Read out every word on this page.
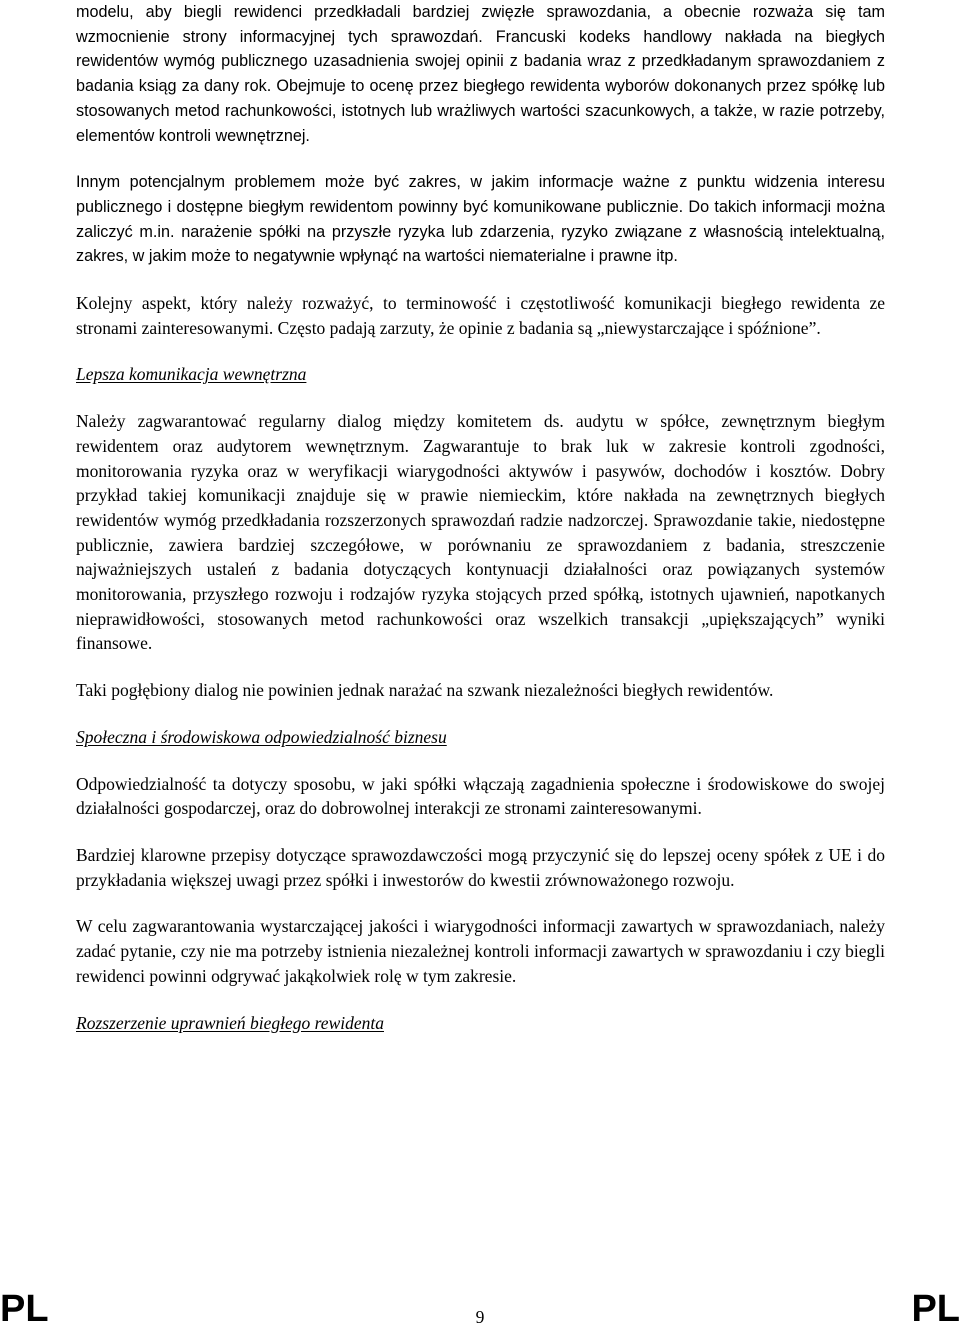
modelu, aby biegli rewidenci przedkładali bardziej zwięzłe sprawozdania, a obecnie rozważa się tam wzmocnienie strony informacyjnej tych sprawozdań. Francuski kodeks handlowy nakłada na biegłych rewidentów wymóg publicznego uzasadnienia swojej opinii z badania wraz z przedkładanym sprawozdaniem z badania ksiąg za dany rok. Obejmuje to ocenę przez biegłego rewidenta wyborów dokonanych przez spółkę lub stosowanych metod rachunkowości, istotnych lub wrażliwych wartości szacunkowych, a także, w razie potrzeby, elementów kontroli wewnętrznej.

Innym potencjalnym problemem może być zakres, w jakim informacje ważne z punktu widzenia interesu publicznego i dostępne biegłym rewidentom powinny być komunikowane publicznie. Do takich informacji można zaliczyć m.in. narażenie spółki na przyszłe ryzyka lub zdarzenia, ryzyko związane z własnością intelektualną, zakres, w jakim może to negatywnie wpłynąć na wartości niematerialne i prawne itp.

Kolejny aspekt, który należy rozważyć, to terminowość i częstotliwość komunikacji biegłego rewidenta ze stronami zainteresowanymi. Często padają zarzuty, że opinie z badania są „niewystarczające i spóźnione”.

Lepsza komunikacja wewnętrzna

Należy zagwarantować regularny dialog między komitetem ds. audytu w spółce, zewnętrznym biegłym rewidentem oraz audytorem wewnętrznym. Zagwarantuje to brak luk w zakresie kontroli zgodności, monitorowania ryzyka oraz w weryfikacji wiarygodności aktywów i pasywów, dochodów i kosztów. Dobry przykład takiej komunikacji znajduje się w prawie niemieckim, które nakłada na zewnętrznych biegłych rewidentów wymóg przedkładania rozszerzonych sprawozdań radzie nadzorczej. Sprawozdanie takie, niedostępne publicznie, zawiera bardziej szczegółowe, w porównaniu ze sprawozdaniem z badania, streszczenie najważniejszych ustaleń z badania dotyczących kontynuacji działalności oraz powiązanych systemów monitorowania, przyszłego rozwoju i rodzajów ryzyka stojących przed spółką, istotnych ujawnień, napotkanych nieprawidłowości, stosowanych metod rachunkowości oraz wszelkich transakcji „upiększających” wyniki finansowe.

Taki pogłębiony dialog nie powinien jednak narażać na szwank niezależności biegłych rewidentów.

Społeczna i środowiskowa odpowiedzialność biznesu

Odpowiedzialność ta dotyczy sposobu, w jaki spółki włączają zagadnienia społeczne i środowiskowe do swojej działalności gospodarczej, oraz do dobrowolnej interakcji ze stronami zainteresowanymi.

Bardziej klarowne przepisy dotyczące sprawozdawczości mogą przyczynić się do lepszej oceny spółek z UE i do przykładania większej uwagi przez spółki i inwestorów do kwestii zrównoważonego rozwoju.

W celu zagwarantowania wystarczającej jakości i wiarygodności informacji zawartych w sprawozdaniach, należy zadać pytanie, czy nie ma potrzeby istnienia niezależnej kontroli informacji zawartych w sprawozdaniu i czy biegli rewidenci powinni odgrywać jakąkolwiek rolę w tym zakresie.

Rozszerzenie uprawnień biegłego rewidenta

PL	9	PL
